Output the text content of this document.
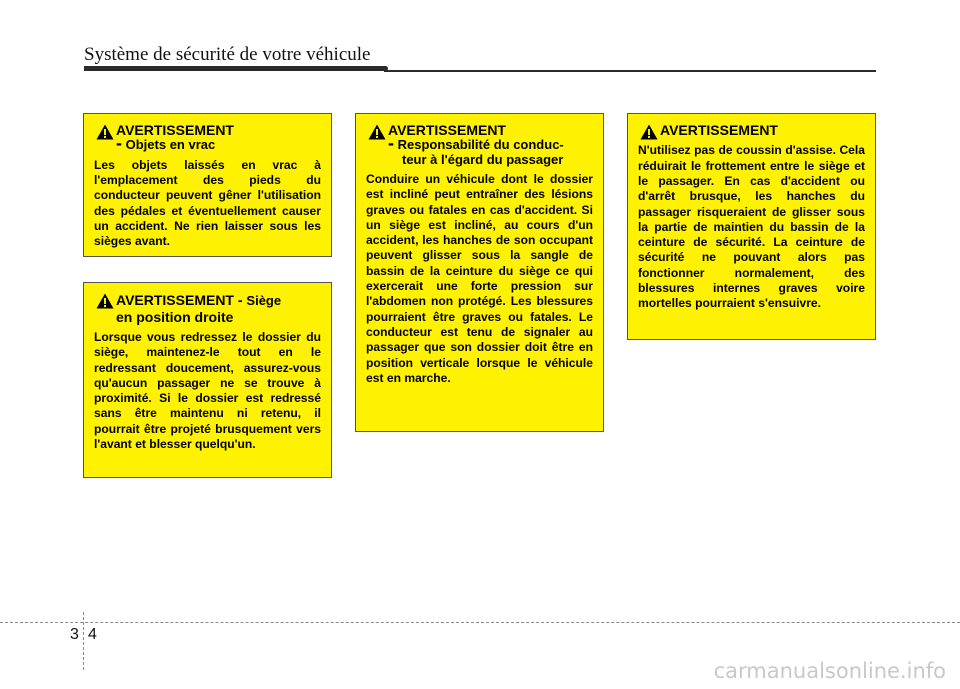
Système de sécurité de votre véhicule
AVERTISSEMENT
- Objets en vrac
Les objets laissés en vrac à l'emplacement des pieds du conducteur peuvent gêner l'utilisation des pédales et éventuellement causer un accident. Ne rien laisser sous les sièges avant.
AVERTISSEMENT - Siège
en position droite
Lorsque vous redressez le dossier du siège, maintenez-le tout en le redressant doucement, assurez-vous qu'aucun passager ne se trouve à proximité. Si le dossier est redressé sans être maintenu ni retenu, il pourrait être projeté brusquement vers l'avant et blesser quelqu'un.
AVERTISSEMENT
- Responsabilité du conduc-
teur à l'égard du passager
Conduire un véhicule dont le dossier est incliné peut entraîner des lésions graves ou fatales en cas d'accident. Si un siège est incliné, au cours d'un accident, les hanches de son occupant peuvent glisser sous la sangle de bassin de la ceinture du siège ce qui exercerait une forte pression sur l'abdomen non protégé. Les blessures pourraient être graves ou fatales. Le conducteur est tenu de signaler au passager que son dossier doit être en position verticale lorsque le véhicule est en marche.
AVERTISSEMENT
N'utilisez pas de coussin d'assise. Cela réduirait le frottement entre le siège et le passager. En cas d'accident ou d'arrêt brusque, les hanches du passager risqueraient de glisser sous la partie de maintien du bassin de la ceinture de sécurité. La ceinture de sécurité ne pouvant alors pas fonctionner normalement, des blessures internes graves voire mortelles pourraient s'ensuivre.
3 4
carmanualsonline.info
